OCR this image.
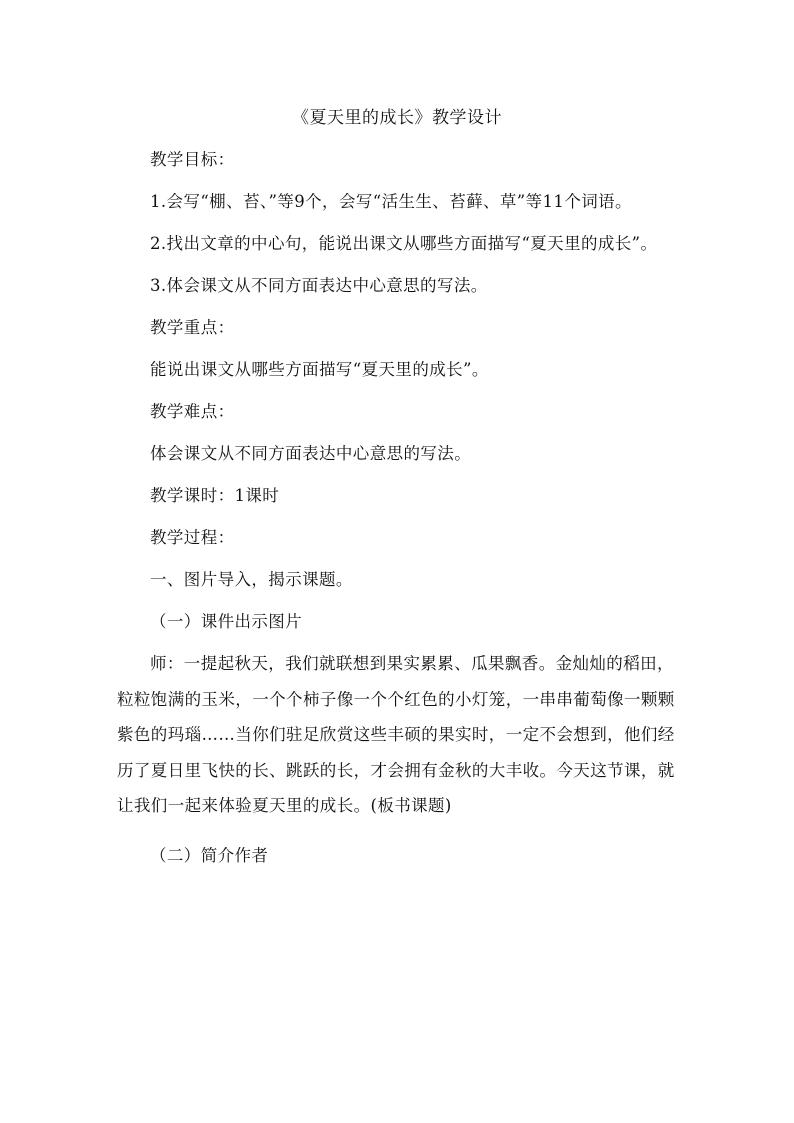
《夏天里的成长》教学设计

教学目标：

1.会写“棚、苔、”等9个，会写“活生生、苔藓、草”等11个词语。

2.找出文章的中心句，能说出课文从哪些方面描写“夏天里的成长”。

3.体会课文从不同方面表达中心意思的写法。

教学重点：

能说出课文从哪些方面描写“夏天里的成长”。

教学难点：

体会课文从不同方面表达中心意思的写法。

教学课时：1课时

教学过程：

一、图片导入，揭示课题。

（一）课件出示图片

师：一提起秋天，我们就联想到果实累累、瓜果飘香。金灿灿的稻田，粒粒饱满的玉米，一个个柿子像一个个红色的小灯笼，一串串葡萄像一颗颗紫色的玛瑙……当你们驻足欣赏这些丰硕的果实时，一定不会想到，他们经历了夏日里飞快的长、跳跃的长，才会拥有金秋的大丰收。今天这节课，就让我们一起来体验夏天里的成长。(板书课题)

（二）简介作者
